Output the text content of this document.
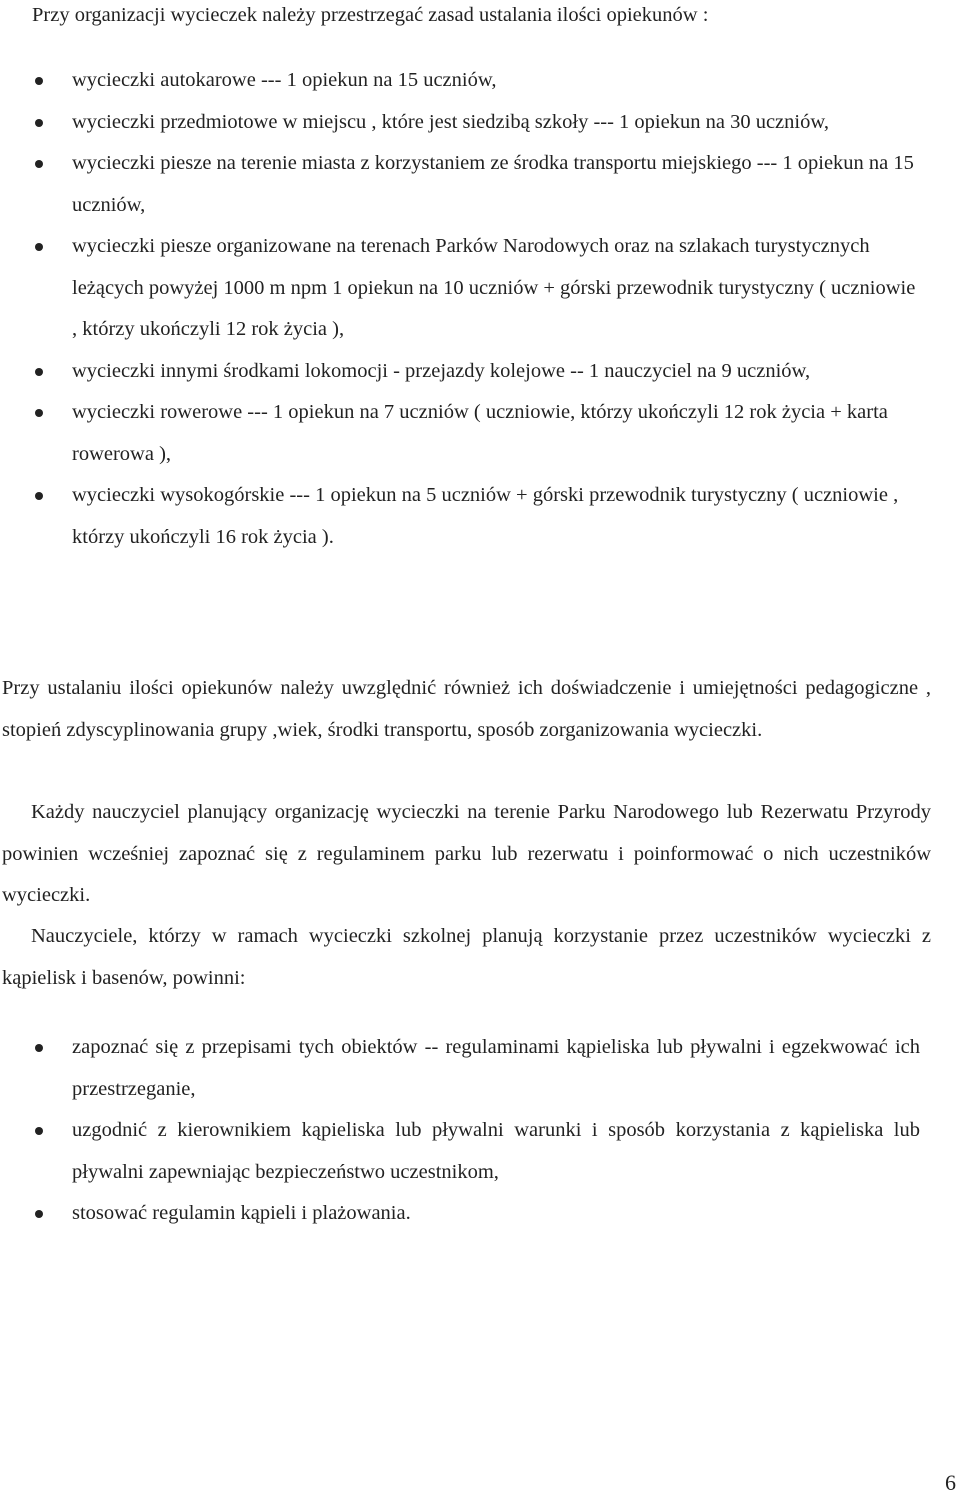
Przy organizacji wycieczek należy przestrzegać zasad ustalania ilości opiekunów :

wycieczki autokarowe --- 1 opiekun na 15 uczniów,
wycieczki przedmiotowe w miejscu , które jest siedzibą szkoły --- 1 opiekun na 30 uczniów,
wycieczki piesze na terenie miasta z korzystaniem ze środka transportu miejskiego --- 1 opiekun na 15 uczniów,
wycieczki piesze organizowane na terenach Parków Narodowych oraz na szlakach turystycznych leżących powyżej 1000 m npm 1 opiekun na 10 uczniów + górski przewodnik turystyczny ( uczniowie , którzy ukończyli 12 rok życia ),
wycieczki innymi środkami lokomocji - przejazdy kolejowe -- 1 nauczyciel na 9 uczniów,
wycieczki rowerowe --- 1 opiekun na 7 uczniów ( uczniowie, którzy ukończyli 12 rok życia + karta rowerowa ),
wycieczki wysokogórskie --- 1 opiekun na 5 uczniów + górski przewodnik turystyczny ( uczniowie , którzy ukończyli 16 rok życia ).

Przy ustalaniu ilości opiekunów należy uwzględnić również ich doświadczenie i umiejętności pedagogiczne , stopień zdyscyplinowania grupy ,wiek, środki transportu, sposób zorganizowania wycieczki.

Każdy nauczyciel planujący organizację wycieczki na terenie Parku Narodowego lub Rezerwatu Przyrody powinien wcześniej zapoznać się z regulaminem parku lub rezerwatu i poinformować o nich uczestników wycieczki.

Nauczyciele, którzy w ramach wycieczki szkolnej planują korzystanie przez uczestników wycieczki z kąpielisk i basenów, powinni:

zapoznać się z przepisami tych obiektów -- regulaminami kąpieliska lub pływalni i egzekwować ich przestrzeganie,
uzgodnić z kierownikiem kąpieliska lub pływalni warunki i sposób korzystania z kąpieliska lub pływalni zapewniając bezpieczeństwo uczestnikom,
stosować regulamin kąpieli i plażowania.

6
